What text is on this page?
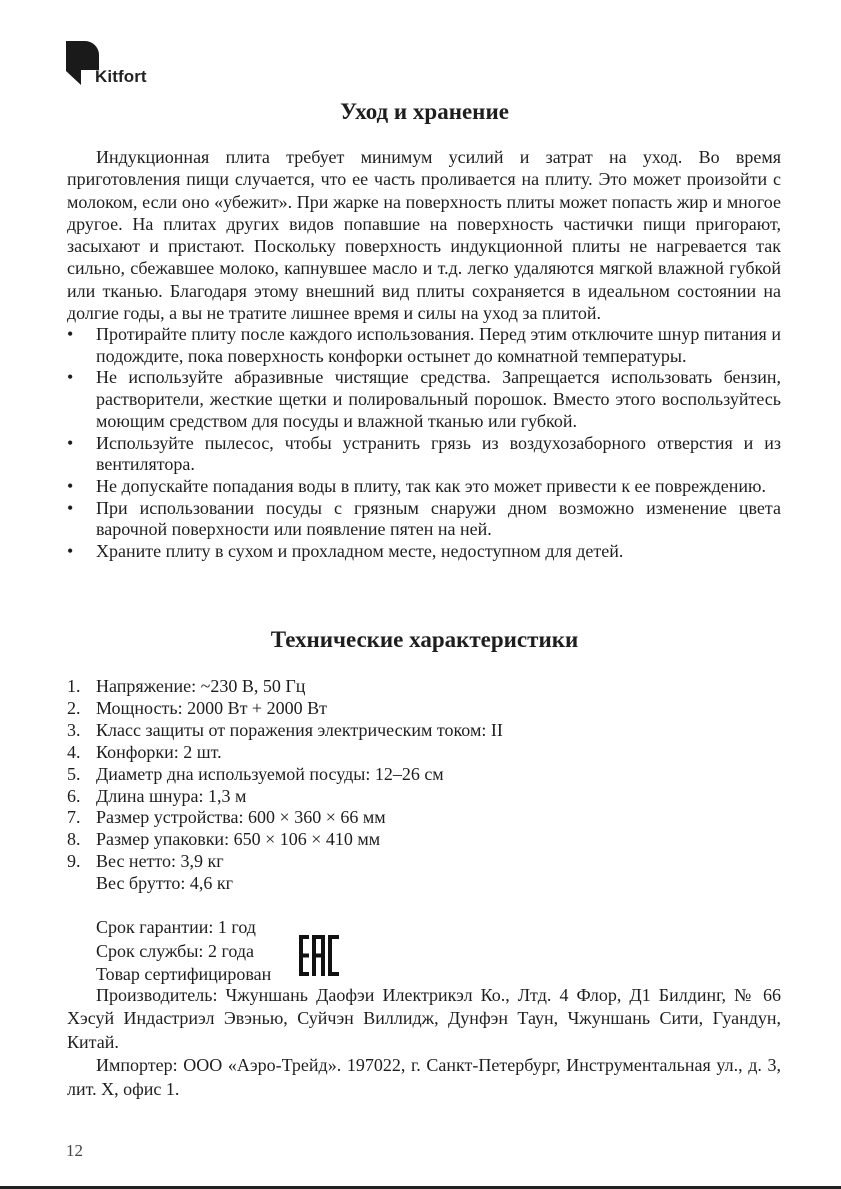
Kitfort
Уход и хранение

Индукционная плита требует минимум усилий и затрат на уход. Во время приготовления пищи случается, что ее часть проливается на плиту. Это может произойти с молоком, если оно «убежит». При жарке на поверхность плиты может попасть жир и многое другое. На плитах других видов попавшие на поверхность частички пищи пригорают, засыхают и пристают. Поскольку поверхность индукционной плиты не нагревается так сильно, сбежавшее молоко, капнувшее масло и т.д. легко удаляются мягкой влажной губкой или тканью. Благодаря этому внешний вид плиты сохраняется в идеальном состоянии на долгие годы, а вы не тратите лишнее время и силы на уход за плитой.

• Протирайте плиту после каждого использования. Перед этим отключите шнур питания и подождите, пока поверхность конфорки остынет до комнатной температуры.
• Не используйте абразивные чистящие средства. Запрещается использовать бензин, растворители, жесткие щетки и полировальный порошок. Вместо этого воспользуйтесь моющим средством для посуды и влажной тканью или губкой.
• Используйте пылесос, чтобы устранить грязь из воздухозаборного отверстия и из вентилятора.
• Не допускайте попадания воды в плиту, так как это может привести к ее повреждению.
• При использовании посуды с грязным снаружи дном возможно изменение цвета варочной поверхности или появление пятен на ней.
• Храните плиту в сухом и прохладном месте, недоступном для детей.
Технические характеристики
1. Напряжение: ~230 В, 50 Гц
2. Мощность: 2000 Вт + 2000 Вт
3. Класс защиты от поражения электрическим током: II
4. Конфорки: 2 шт.
5. Диаметр дна используемой посуды: 12–26 см
6. Длина шнура: 1,3 м
7. Размер устройства: 600 × 360 × 66 мм
8. Размер упаковки: 650 × 106 × 410 мм
9. Вес нетто: 3,9 кг
Вес брутто: 4,6 кг
Срок гарантии: 1 год
Срок службы: 2 года
Товар сертифицирован

Производитель: Чжуншань Даофэи Илектрикэл Ко., Лтд. 4 Флор, Д1 Билдинг, № 66 Хэсуй Индастриэл Эвэнью, Суйчэн Виллидж, Дунфэн Таун, Чжуншань Сити, Гуандун, Китай.

Импортер: ООО «Аэро-Трейд». 197022, г. Санкт-Петербург, Инструментальная ул., д. 3, лит. Х, офис 1.

12
